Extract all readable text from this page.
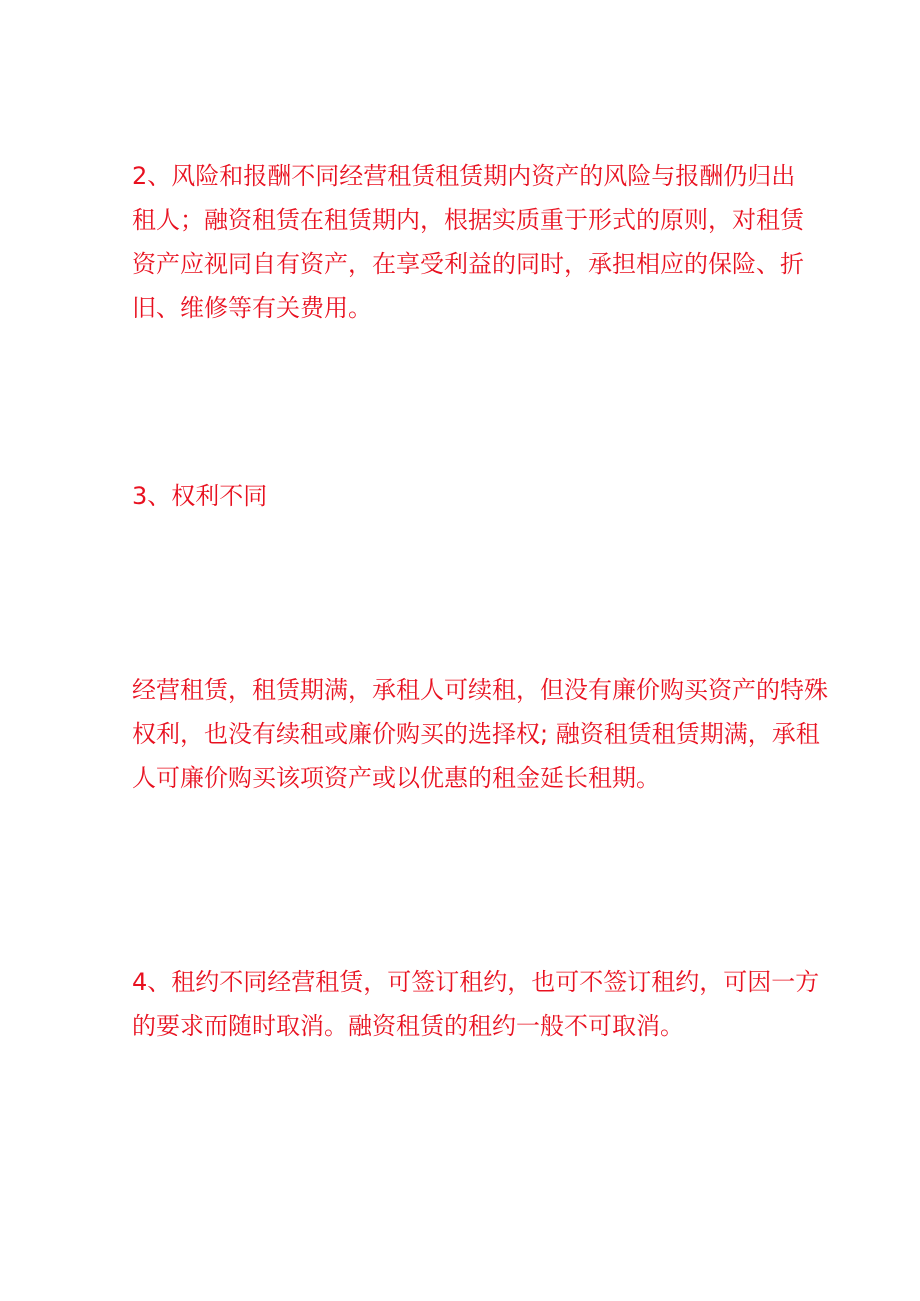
2、风险和报酬不同经营租赁租赁期内资产的风险与报酬仍归出
租人；融资租赁在租赁期内，根据实质重于形式的原则，对租赁
资产应视同自有资产，在享受利益的同时，承担相应的保险、折
旧、维修等有关费用。

3、权利不同

经营租赁，租赁期满，承租人可续租，但没有廉价购买资产的特殊
权利，也没有续租或廉价购买的选择权; 融资租赁租赁期满，承租
人可廉价购买该项资产或以优惠的租金延长租期。

4、租约不同经营租赁，可签订租约，也可不签订租约，可因一方
的要求而随时取消。融资租赁的租约一般不可取消。
